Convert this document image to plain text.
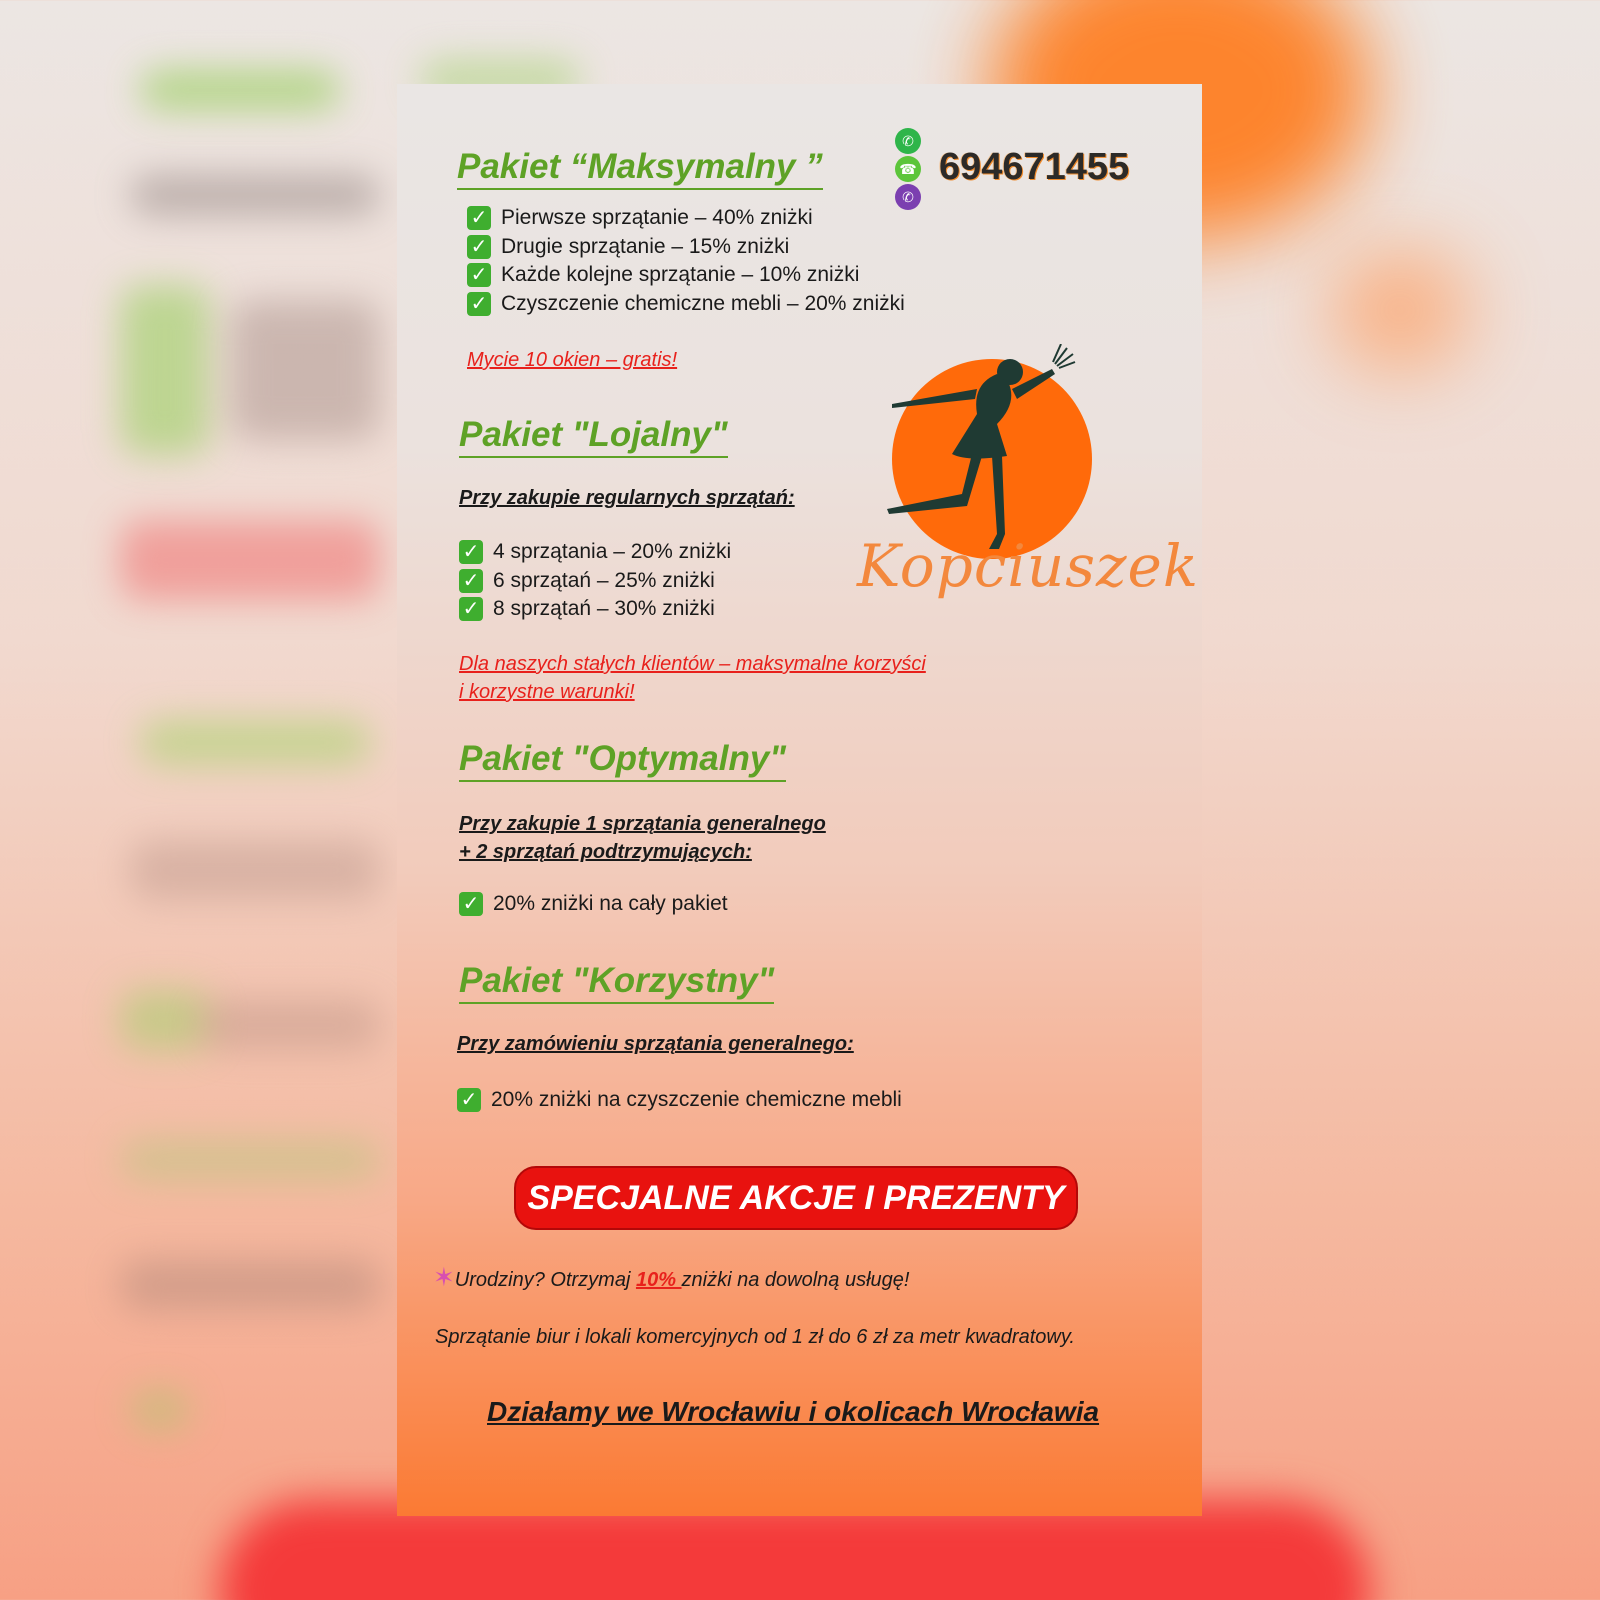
✆
☎
✆
694671455
Pakiet “Maksymalny ”
✓ Pierwsze sprzątanie – 40% zniżki
✓ Drugie sprzątanie – 15% zniżki
✓ Każde kolejne sprzątanie – 10% zniżki
✓ Czyszczenie chemiczne mebli – 20% zniżki
Mycie 10 okien – gratis!
Kopciuszek
Pakiet "Lojalny"
Przy zakupie regularnych sprzątań:
✓ 4 sprzątania – 20% zniżki
✓ 6 sprzątań – 25% zniżki
✓ 8 sprzątań – 30% zniżki
Dla naszych stałych klientów – maksymalne korzyści
i korzystne warunki!
Pakiet "Optymalny"
Przy zakupie 1 sprzątania generalnego
+ 2 sprzątań podtrzymujących:
✓ 20% zniżki na cały pakiet
Pakiet "Korzystny"
Przy zamówieniu sprzątania generalnego:
✓ 20% zniżki na czyszczenie chemiczne mebli
SPECJALNE AKCJE I PREZENTY
✶Urodziny? Otrzymaj 10% zniżki na dowolną usługę!
Sprzątanie biur i lokali komercyjnych od 1 zł do 6 zł za metr kwadratowy.
Działamy we Wrocławiu i okolicach Wrocławia
